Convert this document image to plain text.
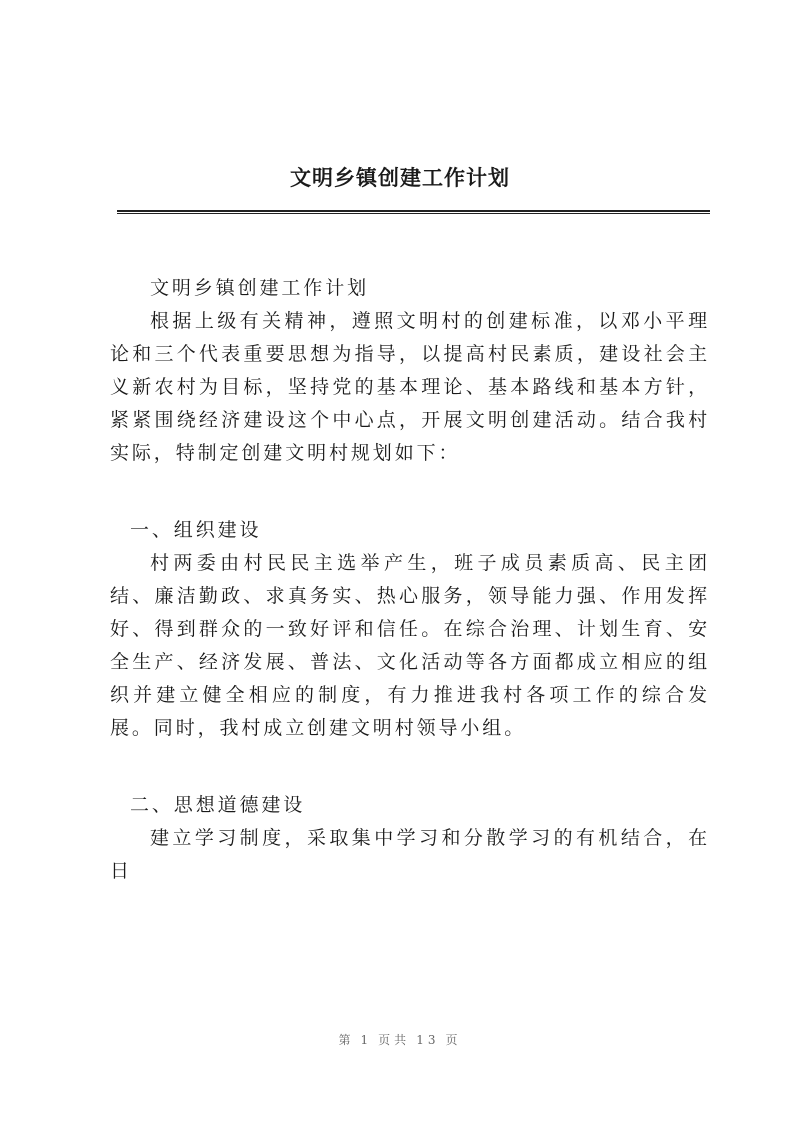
文明乡镇创建工作计划

文明乡镇创建工作计划

根据上级有关精神，遵照文明村的创建标准，以邓小平理论和三个代表重要思想为指导，以提高村民素质，建设社会主义新农村为目标，坚持党的基本理论、基本路线和基本方针，紧紧围绕经济建设这个中心点，开展文明创建活动。结合我村实际，特制定创建文明村规划如下：

一、组织建设

村两委由村民民主选举产生，班子成员素质高、民主团结、廉洁勤政、求真务实、热心服务，领导能力强、作用发挥好、得到群众的一致好评和信任。在综合治理、计划生育、安全生产、经济发展、普法、文化活动等各方面都成立相应的组织并建立健全相应的制度，有力推进我村各项工作的综合发展。同时，我村成立创建文明村领导小组。

二、思想道德建设

建立学习制度，采取集中学习和分散学习的有机结合，在日

第 1 页共 13 页
